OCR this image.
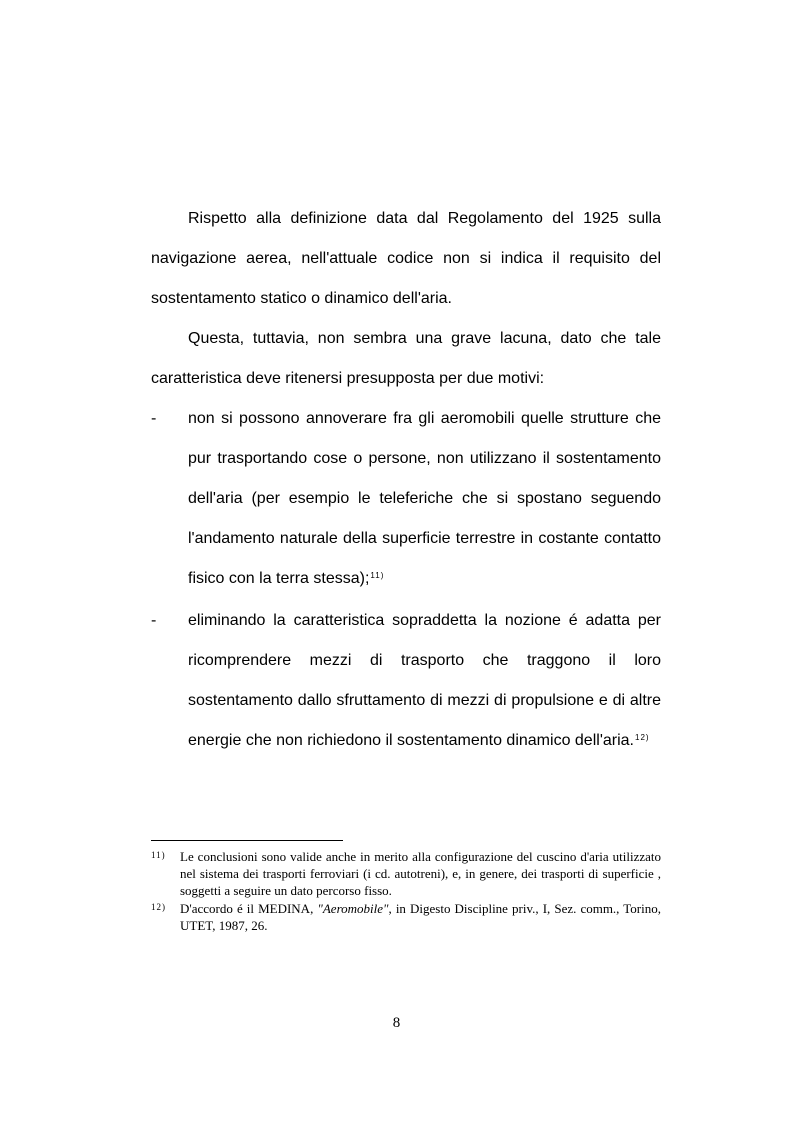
Rispetto alla definizione data dal Regolamento del 1925 sulla navigazione aerea, nell'attuale codice non si indica il requisito del sostentamento statico o dinamico dell'aria.

Questa, tuttavia, non sembra una grave lacuna, dato che tale caratteristica deve ritenersi presupposta per due motivi:

- non si possono annoverare fra gli aeromobili quelle strutture che pur trasportando cose o persone, non utilizzano il sostentamento dell'aria (per esempio le teleferiche che si spostano seguendo l'andamento naturale della superficie terrestre in costante contatto fisico con la terra stessa);$^{11)}$
- eliminando la caratteristica sopraddetta la nozione é adatta per ricomprendere mezzi di trasporto che traggono il loro sostentamento dallo sfruttamento di mezzi di propulsione e di altre energie che non richiedono il sostentamento dinamico dell'aria.$^{12)}$
11) Le conclusioni sono valide anche in merito alla configurazione del cuscino d'aria utilizzato nel sistema dei trasporti ferroviari (i cd. autotreni), e, in genere, dei trasporti di superficie , soggetti a seguire un dato percorso fisso.
12) D'accordo é il MEDINA, "Aeromobile", in Digesto Discipline priv., I, Sez. comm., Torino, UTET, 1987, 26.
8
